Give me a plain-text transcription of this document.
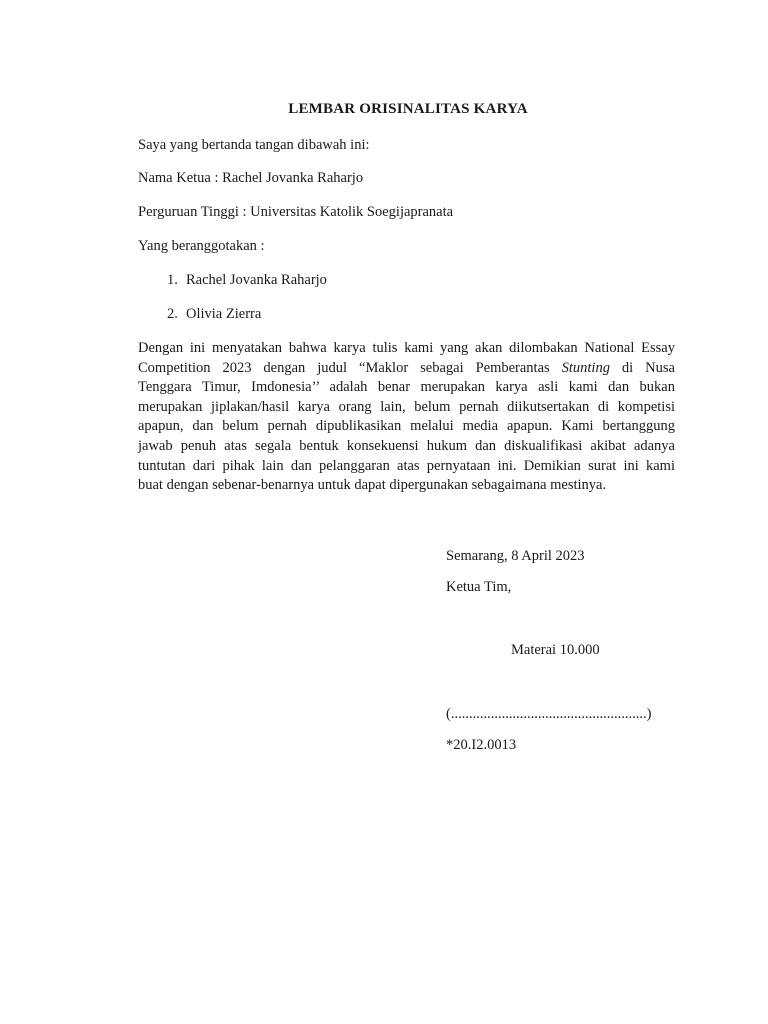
LEMBAR ORISINALITAS KARYA
Saya yang bertanda tangan dibawah ini:
Nama Ketua : Rachel Jovanka Raharjo
Perguruan Tinggi : Universitas Katolik Soegijapranata
Yang beranggotakan :
1. Rachel Jovanka Raharjo
2. Olivia Zierra
Dengan ini menyatakan bahwa karya tulis kami yang akan dilombakan National Essay
Competition 2023 dengan judul “Maklor sebagai Pemberantas Stunting di Nusa
Tenggara Timur, Imdonesia’’ adalah benar merupakan karya asli kami dan bukan
merupakan jiplakan/hasil karya orang lain, belum pernah diikutsertakan di kompetisi
apapun, dan belum pernah dipublikasikan melalui media apapun. Kami bertanggung
jawab penuh atas segala bentuk konsekuensi hukum dan diskualifikasi akibat adanya
tuntutan dari pihak lain dan pelanggaran atas pernyataan ini. Demikian surat ini kami
buat dengan sebenar-benarnya untuk dapat dipergunakan sebagaimana mestinya.
Semarang, 8 April 2023
Ketua Tim,
Materai 10.000
(......................................................)
*20.I2.0013
